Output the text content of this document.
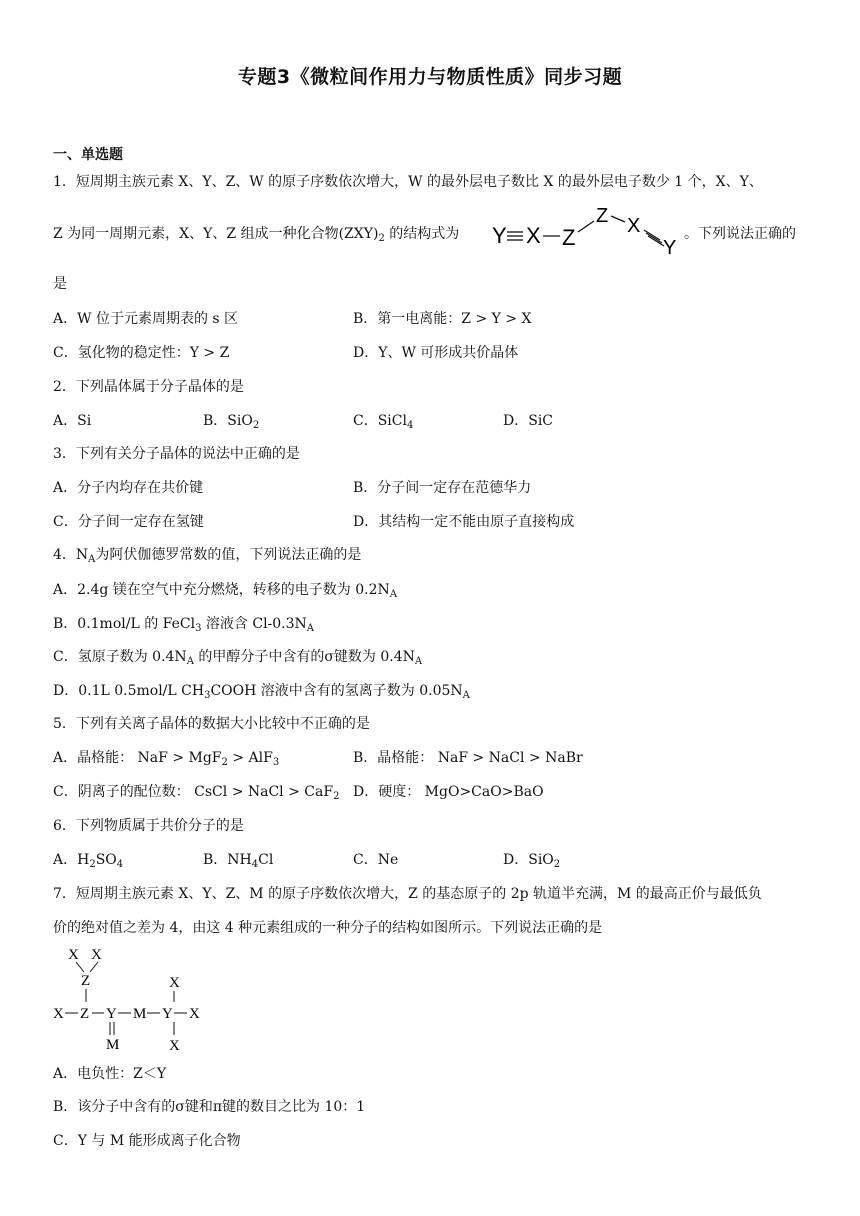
专题3《微粒间作用力与物质性质》同步习题
一、单选题
1．短周期主族元素 X、Y、Z、W 的原子序数依次增大，W 的最外层电子数比 X 的最外层电子数少 1 个，X、Y、
Z 为同一周期元素，X、Y、Z 组成一种化合物$(ZXY)_2$ 的结构式为 Y X Z
Z X
Y
。下列说法正确的
是
A．W 位于元素周期表的 s 区	B．第一电离能：Z > Y > X
C．氢化物的稳定性：Y > Z	D．Y、W 可形成共价晶体
2．下列晶体属于分子晶体的是
A．Si	B．SiO$_2$	C．SiCl$_4$	D．SiC
3．下列有关分子晶体的说法中正确的是
A．分子内均存在共价键	B．分子间一定存在范德华力
C．分子间一定存在氢键	D．其结构一定不能由原子直接构成
4．$N_A$为阿伏伽德罗常数的值，下列说法正确的是
A．2.4g 镁在空气中充分燃烧，转移的电子数为 $0.2N_A$
B．0.1mol/L 的 FeCl$_3$ 溶液含 $Cl-0.3N_A$
C．氢原子数为 $0.4N_A$ 的甲醇分子中含有的σ键数为 $0.4N_A$
D．0.1L 0.5mol/L $CH_3COOH$ 溶液中含有的氢离子数为 $0.05N_A$
5．下列有关离子晶体的数据大小比较中不正确的是
A．晶格能： NaF > MgF$_2$ > AlF$_3$	B．晶格能： NaF > NaCl > NaBr
C．阴离子的配位数： CsCl > NaCl > CaF$_2$ D．硬度： MgO>CaO>BaO
6．下列物质属于共价分子的是
A．$H_2SO_4$	B．$NH_4Cl$	C．Ne	D．SiO$_2$
7．短周期主族元素 X、Y、Z、M 的原子序数依次增大，Z 的基态原子的 2p 轨道半充满，M 的最高正价与最低负
价的绝对值之差为 4，由这 4 种元素组成的一种分子的结构如图所示。下列说法正确的是
X X
Z	X
X Z Y M Y X
M	X
A．电负性：Z＜Y
B．该分子中含有的σ键和π键的数目之比为 10：1
C．Y 与 M 能形成离子化合物
